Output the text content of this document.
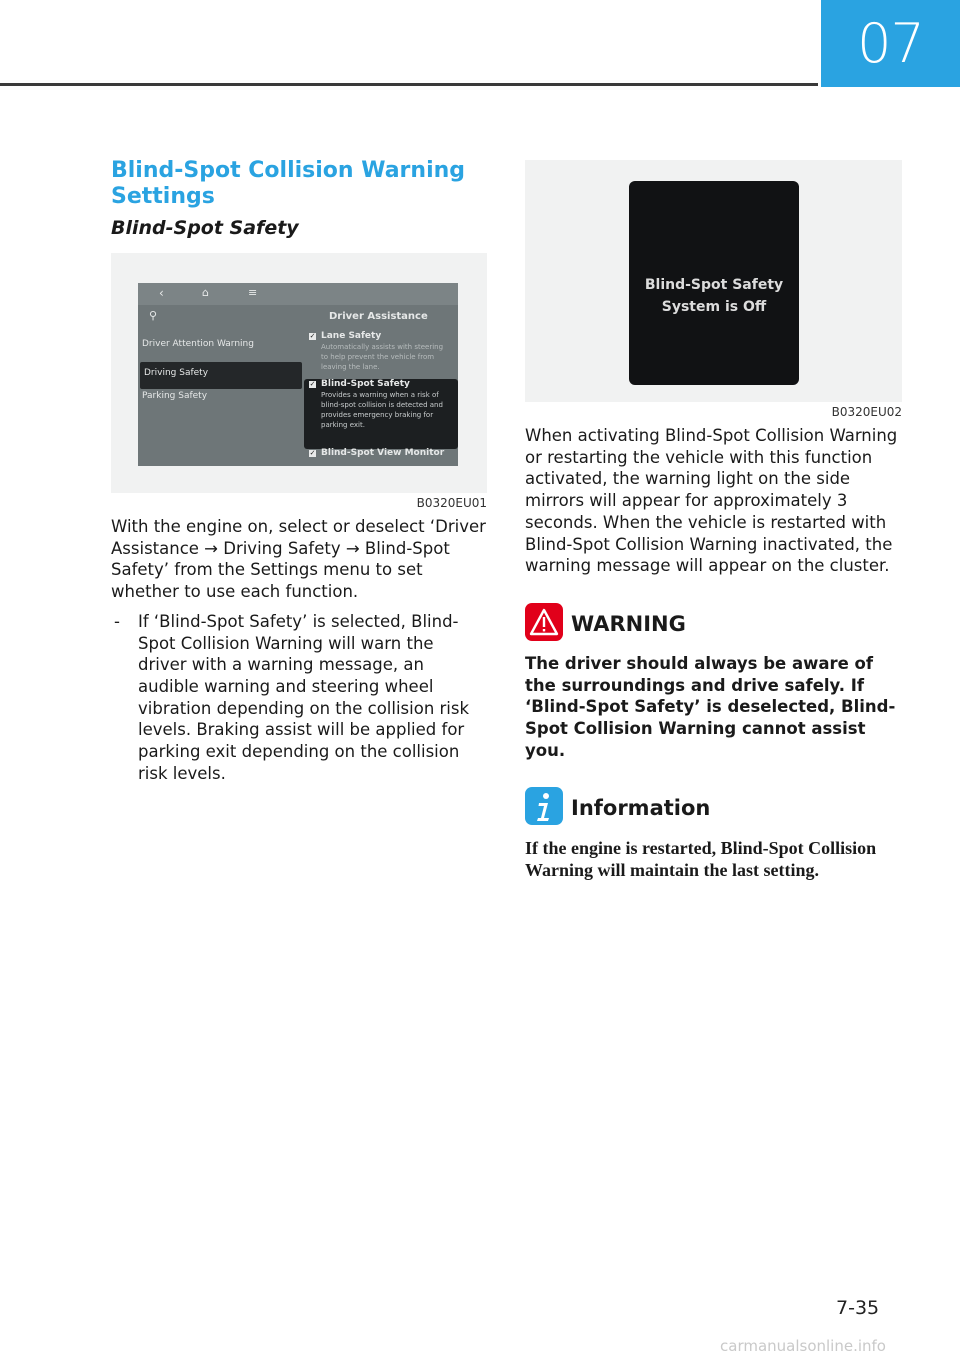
07
Blind-Spot Collision Warning Settings
Blind-Spot Safety
‹	⌂	≡
⚲	Driver Assistance
Driver Attention Warning
Driving Safety
Parking Safety
✓ Lane Safety
Automatically assists with steering to help prevent the vehicle from leaving the lane.
✓ Blind-Spot Safety
Provides a warning when a risk of blind-spot collision is detected and provides emergency braking for parking exit.
✓ Blind-Spot View Monitor
B0320EU01

With the engine on, select or deselect ‘Driver Assistance → Driving Safety → Blind-Spot Safety’ from the Settings menu to set whether to use each function.

-	If ‘Blind-Spot Safety’ is selected, Blind-Spot Collision Warning will warn the driver with a warning message, an audible warning and steering wheel vibration depending on the collision risk levels. Braking assist will be applied for parking exit depending on the collision risk levels.
Blind-Spot Safety
System is Off
B0320EU02

When activating Blind-Spot Collision Warning or restarting the vehicle with this function activated, the warning light on the side mirrors will appear for approximately 3 seconds. When the vehicle is restarted with Blind-Spot Collision Warning inactivated, the warning message will appear on the cluster.

WARNING
The driver should always be aware of the surroundings and drive safely. If ‘Blind-Spot Safety’ is deselected, Blind-Spot Collision Warning cannot assist you.
Information
If the engine is restarted, Blind-Spot Collision Warning will maintain the last setting.
7-35
carmanualsonline.info
